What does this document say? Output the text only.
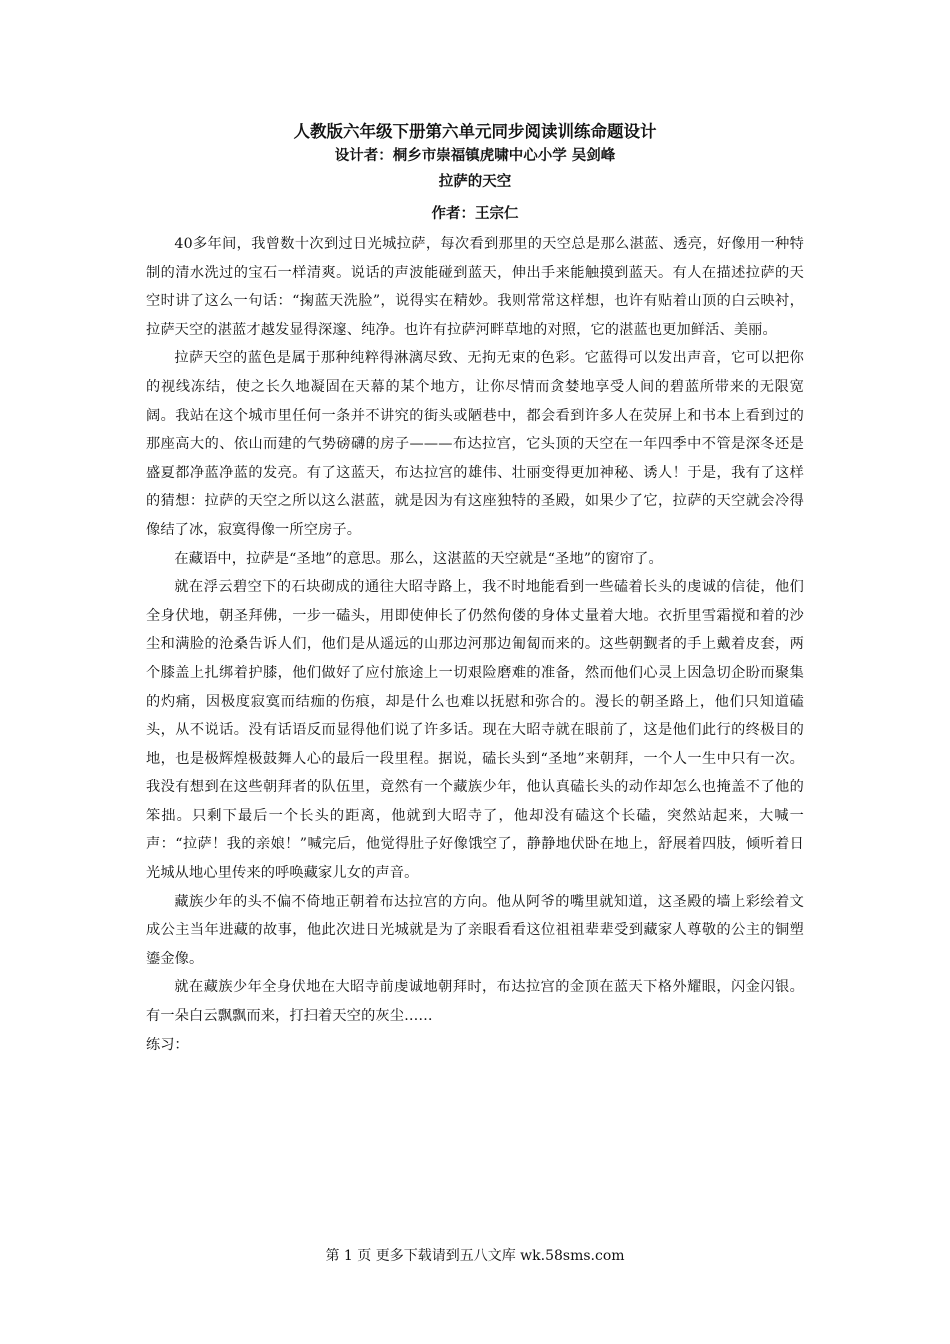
人教版六年级下册第六单元同步阅读训练命题设计

设计者：桐乡市崇福镇虎啸中心小学 吴剑峰

拉萨的天空

作者：王宗仁

40多年间，我曾数十次到过日光城拉萨，每次看到那里的天空总是那么湛蓝、透亮，好像用一种特制的清水洗过的宝石一样清爽。说话的声波能碰到蓝天，伸出手来能触摸到蓝天。有人在描述拉萨的天空时讲了这么一句话：“掬蓝天洗脸”，说得实在精妙。我则常常这样想，也许有贴着山顶的白云映衬，拉萨天空的湛蓝才越发显得深邃、纯净。也许有拉萨河畔草地的对照，它的湛蓝也更加鲜活、美丽。

拉萨天空的蓝色是属于那种纯粹得淋漓尽致、无拘无束的色彩。它蓝得可以发出声音，它可以把你的视线冻结，使之长久地凝固在天幕的某个地方，让你尽情而贪婪地享受人间的碧蓝所带来的无限宽阔。我站在这个城市里任何一条并不讲究的街头或陋巷中，都会看到许多人在荧屏上和书本上看到过的那座高大的、依山而建的气势磅礴的房子———布达拉宫，它头顶的天空在一年四季中不管是深冬还是盛夏都净蓝净蓝的发亮。有了这蓝天，布达拉宫的雄伟、壮丽变得更加神秘、诱人！于是，我有了这样的猜想：拉萨的天空之所以这么湛蓝，就是因为有这座独特的圣殿，如果少了它，拉萨的天空就会冷得像结了冰，寂寞得像一所空房子。

在藏语中，拉萨是“圣地”的意思。那么，这湛蓝的天空就是“圣地”的窗帘了。

就在浮云碧空下的石块砌成的通往大昭寺路上，我不时地能看到一些磕着长头的虔诚的信徒，他们全身伏地，朝圣拜佛，一步一磕头，用即使伸长了仍然佝偻的身体丈量着大地。衣折里雪霜搅和着的沙尘和满脸的沧桑告诉人们，他们是从遥远的山那边河那边匍匐而来的。这些朝觐者的手上戴着皮套，两个膝盖上扎绑着护膝，他们做好了应付旅途上一切艰险磨难的准备，然而他们心灵上因急切企盼而聚集的灼痛，因极度寂寞而结痂的伤痕，却是什么也难以抚慰和弥合的。漫长的朝圣路上，他们只知道磕头，从不说话。没有话语反而显得他们说了许多话。现在大昭寺就在眼前了，这是他们此行的终极目的地，也是极辉煌极鼓舞人心的最后一段里程。据说，磕长头到“圣地”来朝拜，一个人一生中只有一次。我没有想到在这些朝拜者的队伍里，竟然有一个藏族少年，他认真磕长头的动作却怎么也掩盖不了他的笨拙。只剩下最后一个长头的距离，他就到大昭寺了，他却没有磕这个长磕，突然站起来，大喊一声：“拉萨！我的亲娘！”喊完后，他觉得肚子好像饿空了，静静地伏卧在地上，舒展着四肢，倾听着日光城从地心里传来的呼唤藏家儿女的声音。

藏族少年的头不偏不倚地正朝着布达拉宫的方向。他从阿爷的嘴里就知道，这圣殿的墙上彩绘着文成公主当年进藏的故事，他此次进日光城就是为了亲眼看看这位祖祖辈辈受到藏家人尊敬的公主的铜塑鎏金像。

就在藏族少年全身伏地在大昭寺前虔诚地朝拜时，布达拉宫的金顶在蓝天下格外耀眼，闪金闪银。有一朵白云飘飘而来，打扫着天空的灰尘……

练习：

第 1 页 更多下载请到五八文库 wk.58sms.com
